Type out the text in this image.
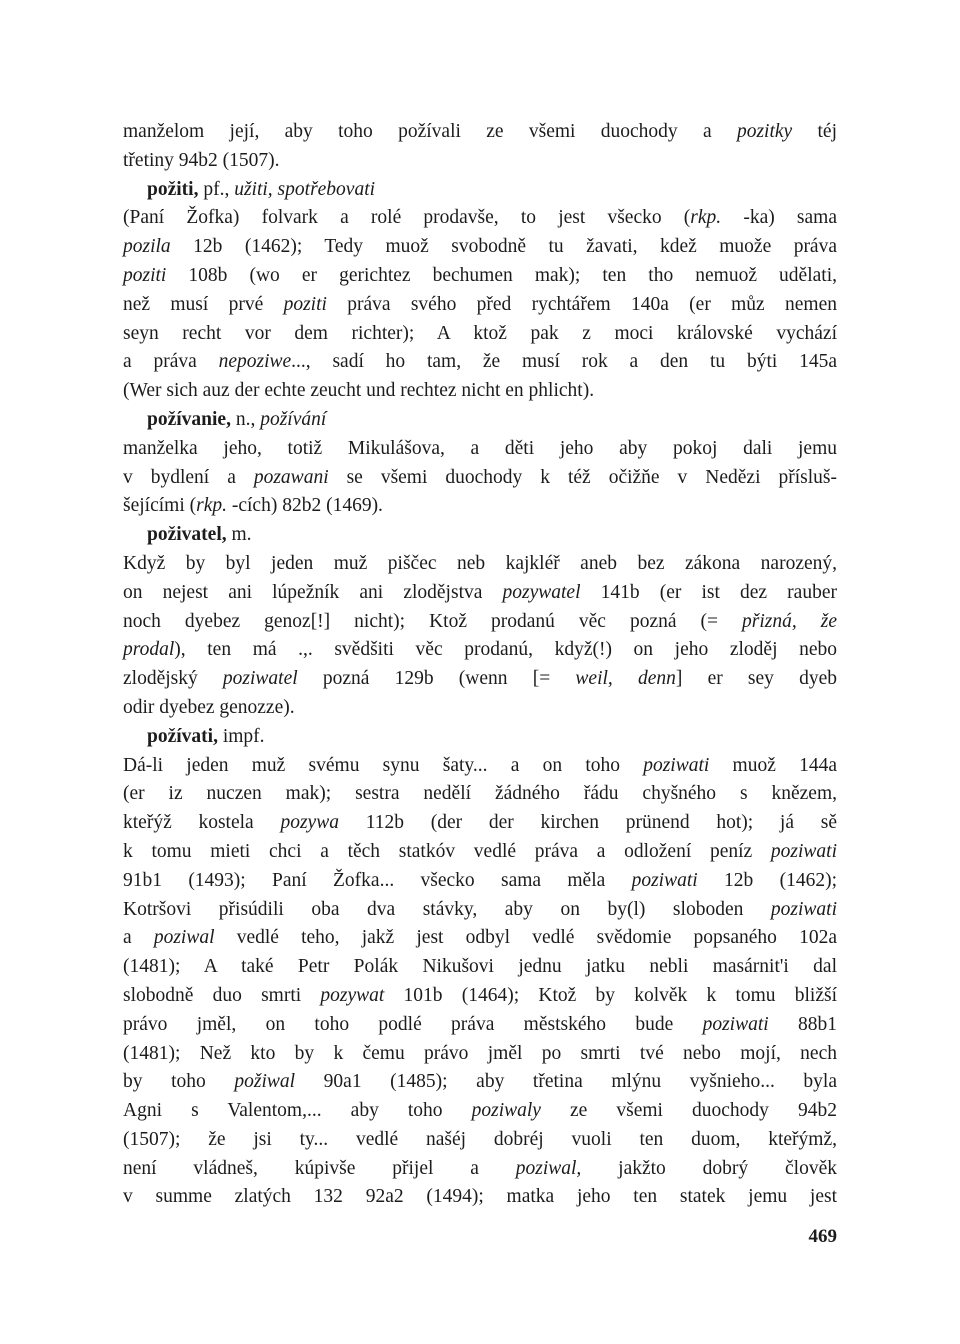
manželom její, aby toho požívali ze všemi duochody a pozitky téj
třetiny 94b2 (1507).
požiti, pf., užiti, spotřebovati
(Paní Žofka) folvark a rolé prodavše, to jest všecko (rkp. -ka) sama
pozila 12b (1462); Tedy muož svobodně tu žavati, kdež muože práva
poziti 108b (wo er gerichtez bechumen mak); ten tho nemuož udělati,
než musí prvé poziti práva svého před rychtářem 140a (er můz nemen
seyn recht vor dem richter); A ktož pak z moci královské vychází
a práva nepoziwe..., sadí ho tam, že musí rok a den tu býti 145a
(Wer sich auz der echte zeucht und rechtez nicht en phlicht).
požívanie, n., požívání
manželka jeho, totiž Mikulášova, a děti jeho aby pokoj dali jemu
v bydlení a pozawani se všemi duochody k též očižňe v Nedězi přísluš-
šejícími (rkp. -cích) 82b2 (1469).
poživatel, m.
Když by byl jeden muž piščec neb kajkléř aneb bez zákona narozený,
on nejest ani lúpežník ani zlodějstva pozywatel 141b (er ist dez rauber
noch dyebez genoz[!] nicht); Ktož prodanú věc pozná (= přizná, že
prodal), ten má .,. svědšiti věc prodanú, když(!) on jeho zloděj nebo
zlodějský poziwatel pozná 129b (wenn [= weil, denn] er sey dyeb
odir dyebez genozze).
požívati, impf.
Dá-li jeden muž svému synu šaty... a on toho poziwati muož 144a
(er iz nuczen mak); sestra nedělí žádného řádu chyšného s knězem,
kteřýž kostela pozywa 112b (der der kirchen prünend hot); já sě
k tomu mieti chci a těch statkóv vedlé práva a odložení peníz poziwati
91b1 (1493); Paní Žofka... všecko sama měla poziwati 12b (1462);
Kotršovi přisúdili oba dva stávky, aby on by(l) sloboden poziwati
a poziwal vedlé teho, jakž jest odbyl vedlé svědomie popsaného 102a
(1481); A také Petr Polák Nikušovi jednu jatku nebli masárnit'i dal
slobodně duo smrti pozywat 101b (1464); Ktož by kolvěk k tomu bližší
právo jměl, on toho podlé práva městského bude poziwati 88b1
(1481); Než kto by k čemu právo jměl po smrti tvé nebo mojí, nech
by toho požiwal 90a1 (1485); aby třetina mlýnu vyšnieho... byla
Agni s Valentom,... aby toho poziwaly ze všemi duochody 94b2
(1507); že jsi ty... vedlé našéj dobréj vuoli ten duom, kteřýmž,
není vládneš, kúpivše přijel a poziwal, jakžto dobrý člověk
v summe zlatých 132 92a2 (1494); matka jeho ten statek jemu jest
469
